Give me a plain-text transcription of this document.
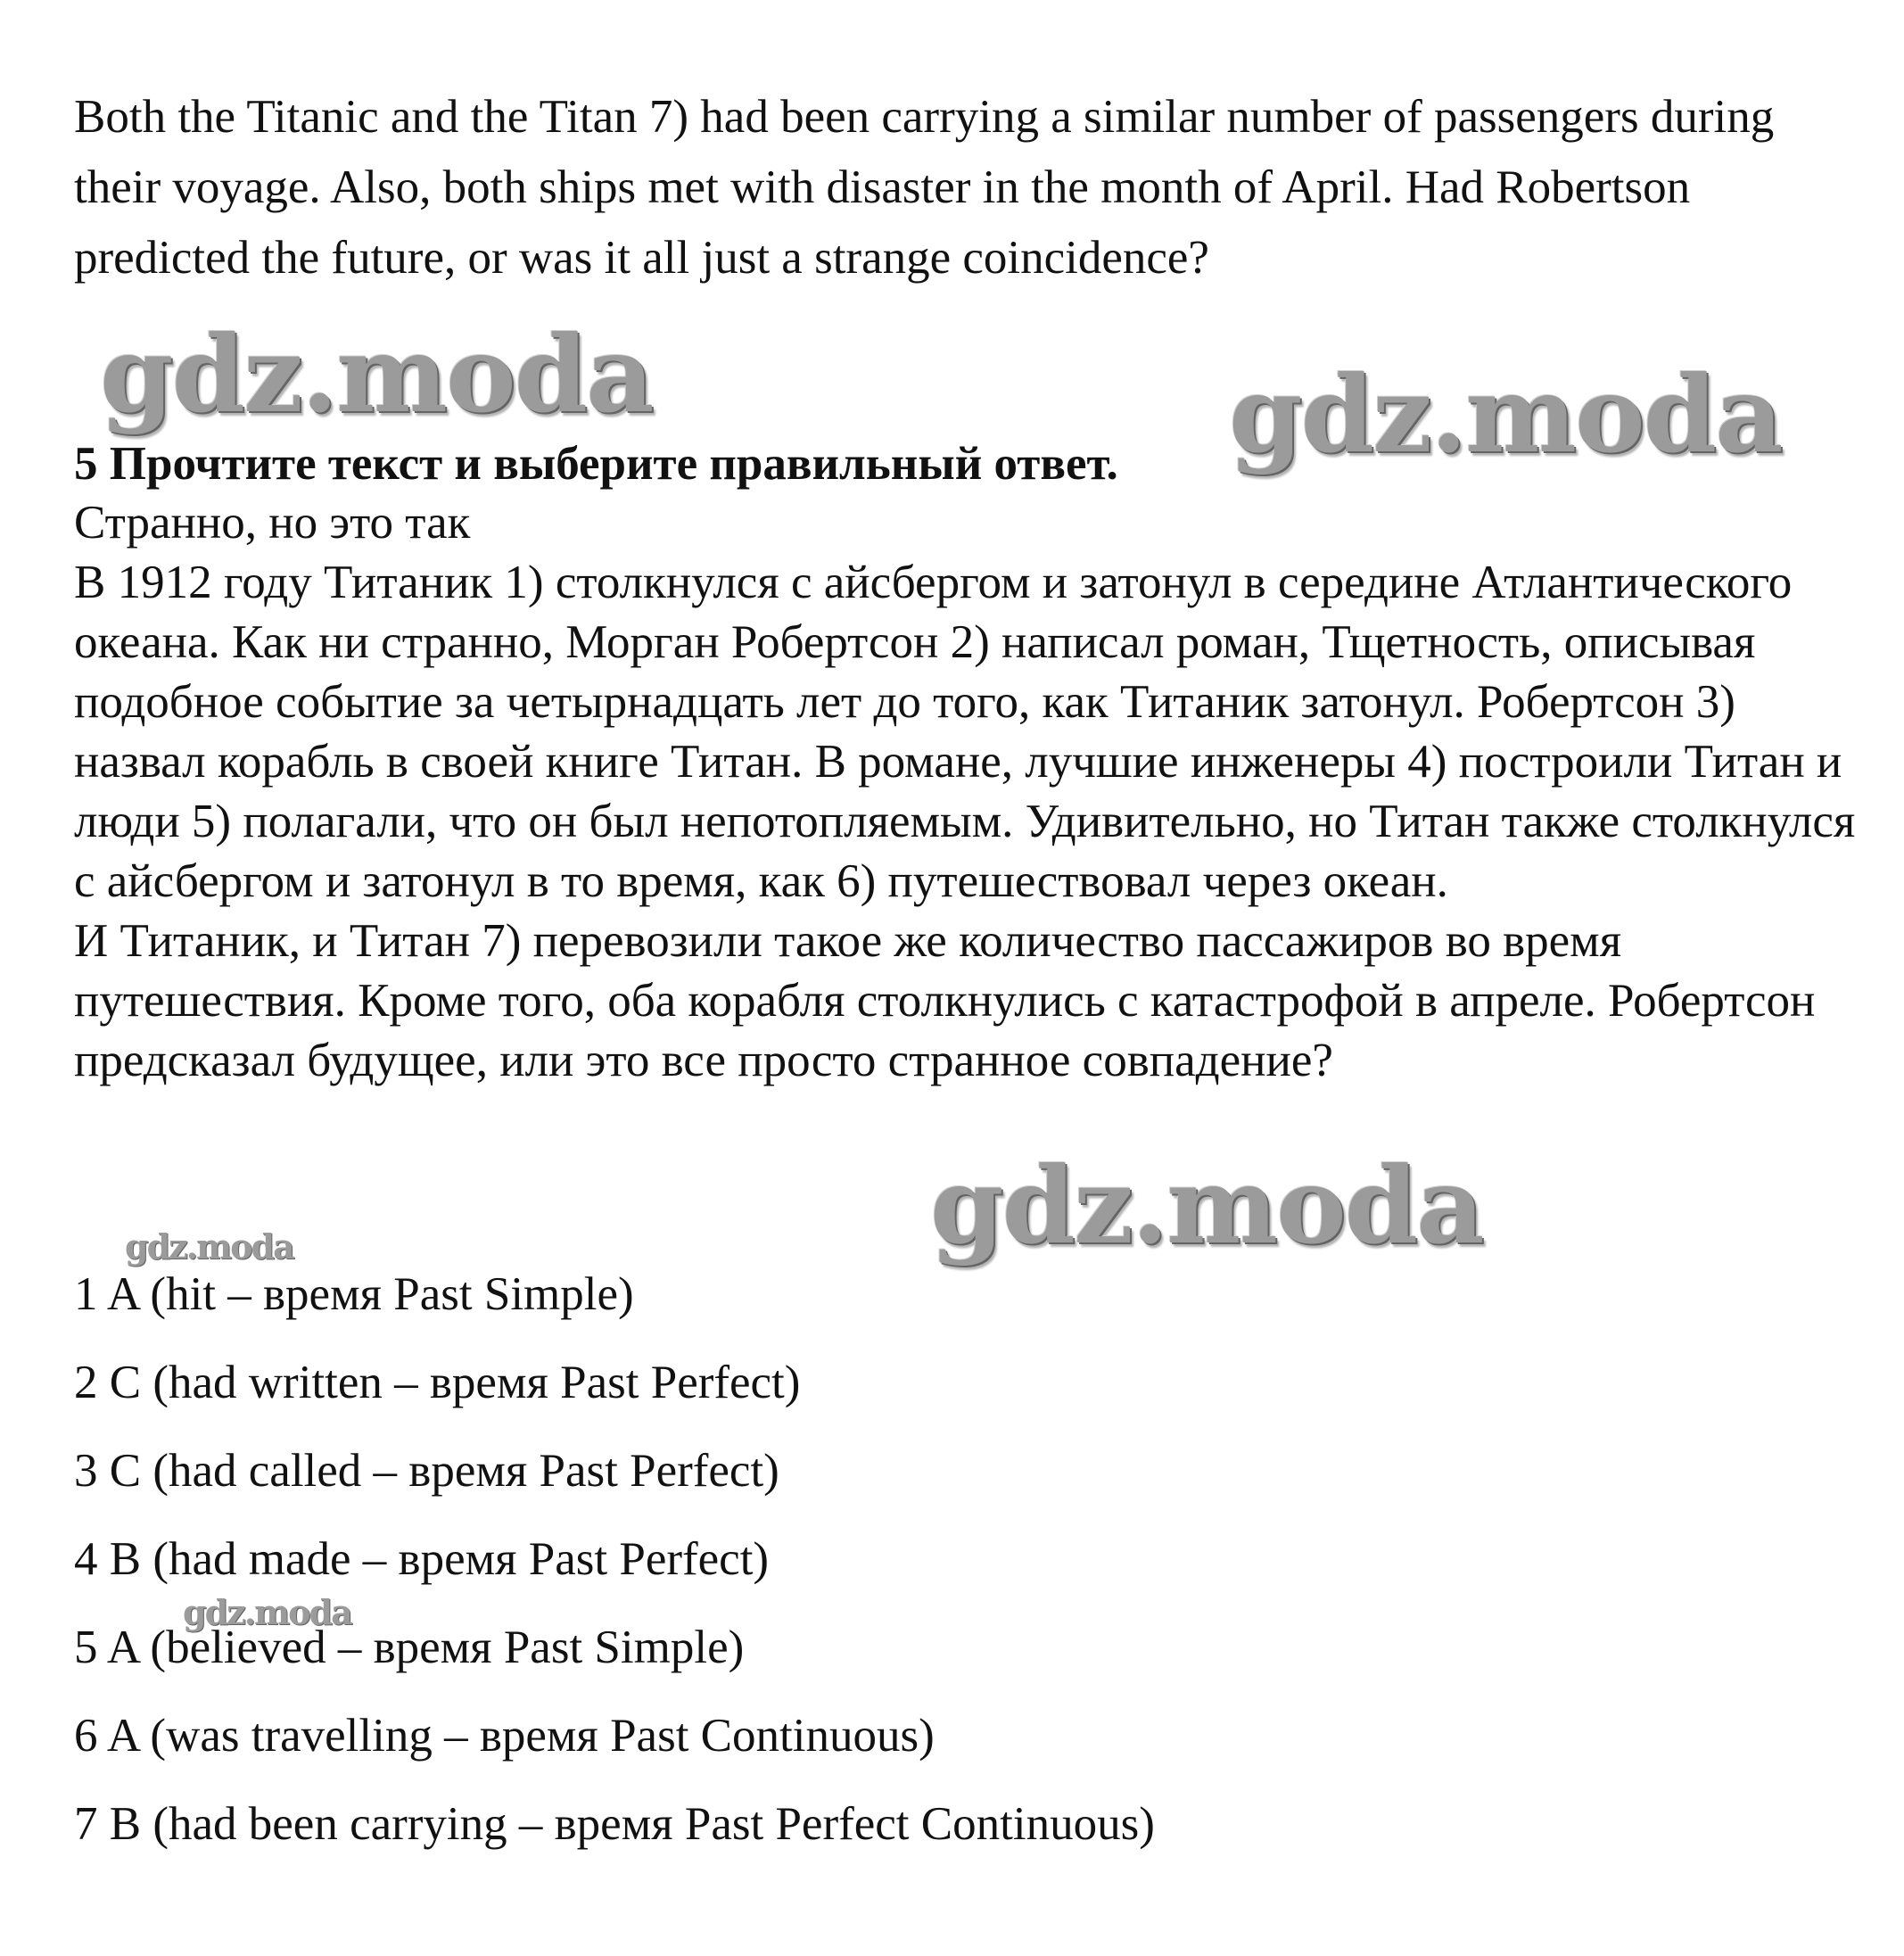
Both the Titanic and the Titan 7) had been carrying a similar number of passengers during their voyage. Also, both ships met with disaster in the month of April. Had Robertson predicted the future, or was it all just a strange coincidence?

gdz.moda

5 Прочтите текст и выберите правильный ответ. gdz.moda

Странно, но это так

В 1912 году Титаник 1) столкнулся с айсбергом и затонул в середине Атлантического океана. Как ни странно, Морган Робертсон 2) написал роман, Тщетность, описывая подобное событие за четырнадцать лет до того, как Титаник затонул. Робертсон 3) назвал корабль в своей книге Титан. В романе, лучшие инженеры 4) построили Титан и люди 5) полагали, что он был непотопляемым. Удивительно, но Титан также столкнулся с айсбергом и затонул в то время, как 6) путешествовал через океан.

И Титаник, и Титан 7) перевозили такое же количество пассажиров во время путешествия. Кроме того, оба корабля столкнулись с катастрофой в апреле. Робертсон предсказал будущее, или это все просто странное совпадение?

gdz.moda
gdz.moda
1 A (hit – время Past Simple)
2 C (had written – время Past Perfect)
3 C (had called – время Past Perfect)
4 B (had made – время Past Perfect)
5 A (believed – время Past Simple)
6 A (was travelling – время Past Continuous)
7 B (had been carrying – время Past Perfect Continuous)
gdz.moda
